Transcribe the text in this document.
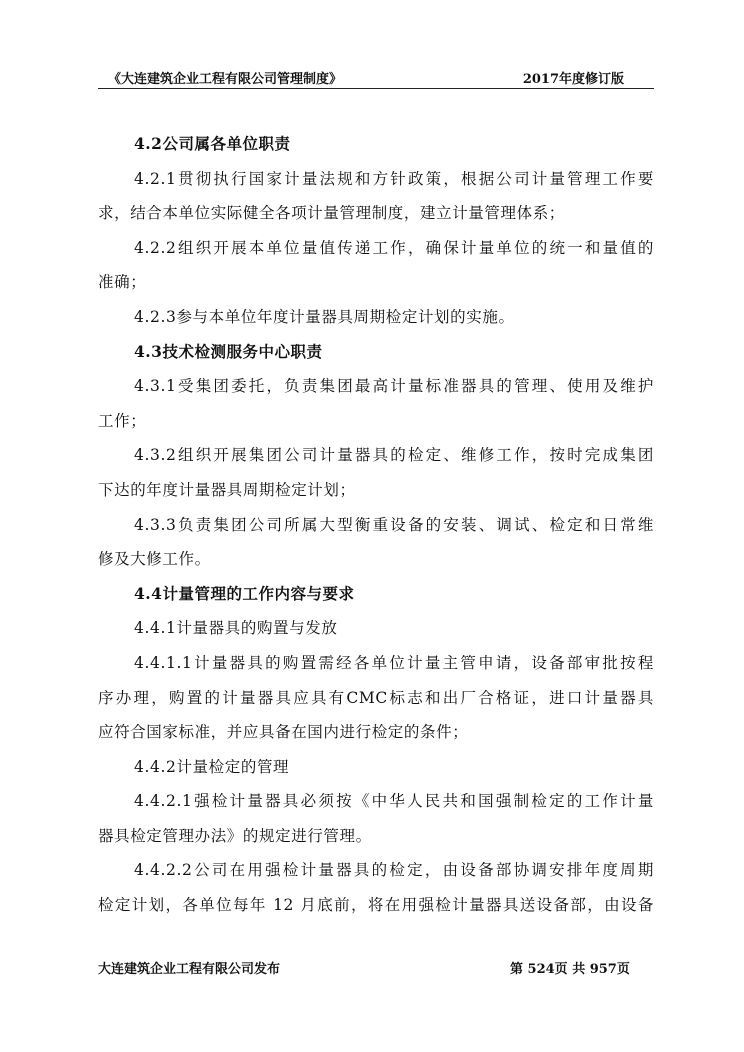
《大连建筑企业工程有限公司管理制度》	2017年度修订版
4.2公司属各单位职责
4.2.1贯彻执行国家计量法规和方针政策，根据公司计量管理工作要
求，结合本单位实际健全各项计量管理制度，建立计量管理体系；
4.2.2组织开展本单位量值传递工作，确保计量单位的统一和量值的
准确；
4.2.3参与本单位年度计量器具周期检定计划的实施。
4.3技术检测服务中心职责
4.3.1受集团委托，负责集团最高计量标准器具的管理、使用及维护
工作；
4.3.2组织开展集团公司计量器具的检定、维修工作，按时完成集团
下达的年度计量器具周期检定计划；
4.3.3负责集团公司所属大型衡重设备的安装、调试、检定和日常维
修及大修工作。
4.4计量管理的工作内容与要求
4.4.1计量器具的购置与发放
4.4.1.1计量器具的购置需经各单位计量主管申请，设备部审批按程
序办理，购置的计量器具应具有CMC标志和出厂合格证，进口计量器具
应符合国家标准，并应具备在国内进行检定的条件；
4.4.2计量检定的管理
4.4.2.1强检计量器具必须按《中华人民共和国强制检定的工作计量
器具检定管理办法》的规定进行管理。
4.4.2.2公司在用强检计量器具的检定，由设备部协调安排年度周期
检定计划，各单位每年 12 月底前，将在用强检计量器具送设备部，由设备
大连建筑企业工程有限公司发布	第 524页 共 957页
